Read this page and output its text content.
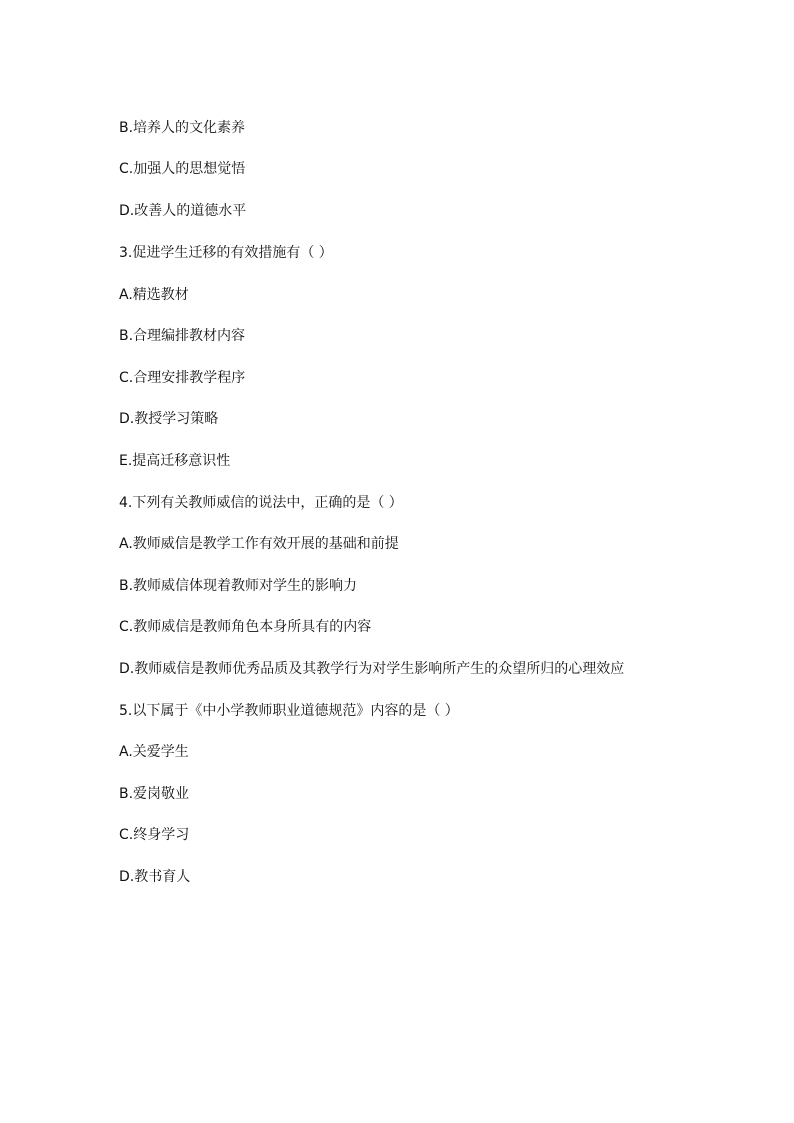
B.培养人的文化素养
C.加强人的思想觉悟
D.改善人的道德水平
3.促进学生迁移的有效措施有（ ）
A.精选教材
B.合理编排教材内容
C.合理安排教学程序
D.教授学习策略
E.提高迁移意识性
4.下列有关教师威信的说法中，正确的是（ ）
A.教师威信是教学工作有效开展的基础和前提
B.教师威信体现着教师对学生的影响力
C.教师威信是教师角色本身所具有的内容
D.教师威信是教师优秀品质及其教学行为对学生影响所产生的众望所归的心理效应
5.以下属于《中小学教师职业道德规范》内容的是（ ）
A.关爱学生
B.爱岗敬业
C.终身学习
D.教书育人
